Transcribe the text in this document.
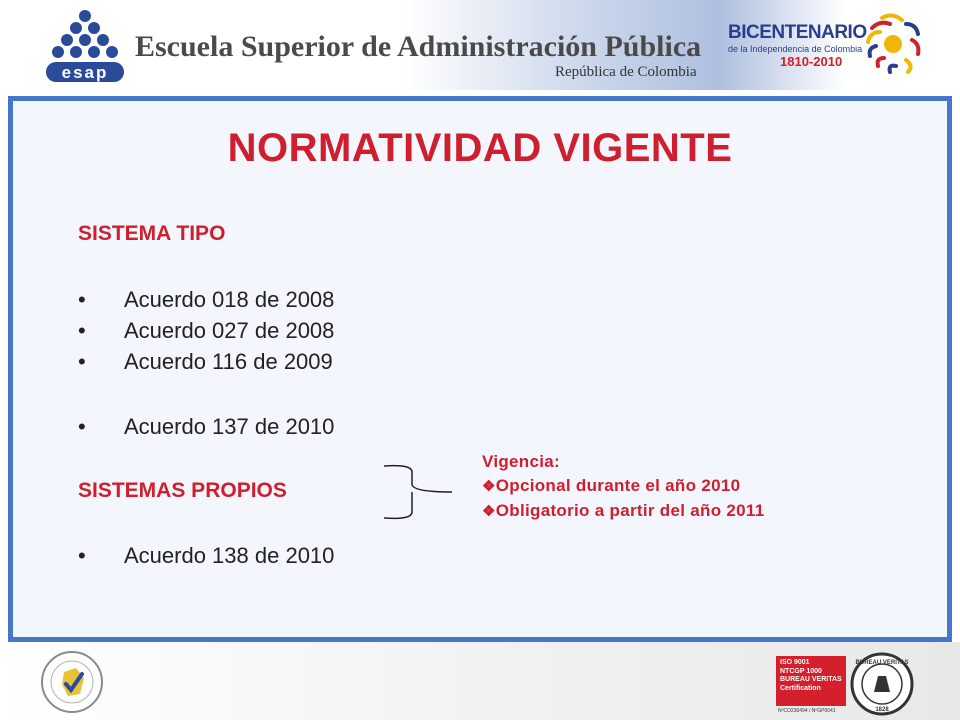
esap
Escuela Superior de Administración Pública
República de Colombia
BICENTENARIO
de la Independencia de Colombia
1810-2010
NORMATIVIDAD VIGENTE
SISTEMA TIPO
• Acuerdo 018 de 2008
• Acuerdo 027 de 2008
• Acuerdo 116 de 2009
• Acuerdo 137 de 2010
SISTEMAS PROPIOS
• Acuerdo 138 de 2010
Vigencia:
❖Opcional durante el año 2010
❖Obligatorio a partir del año 2011
ISO 9001
NTCGP 1000
BUREAU VERITAS
Certification
NºCO230494 / NºGP0041
BUREAU VERITAS
1828
